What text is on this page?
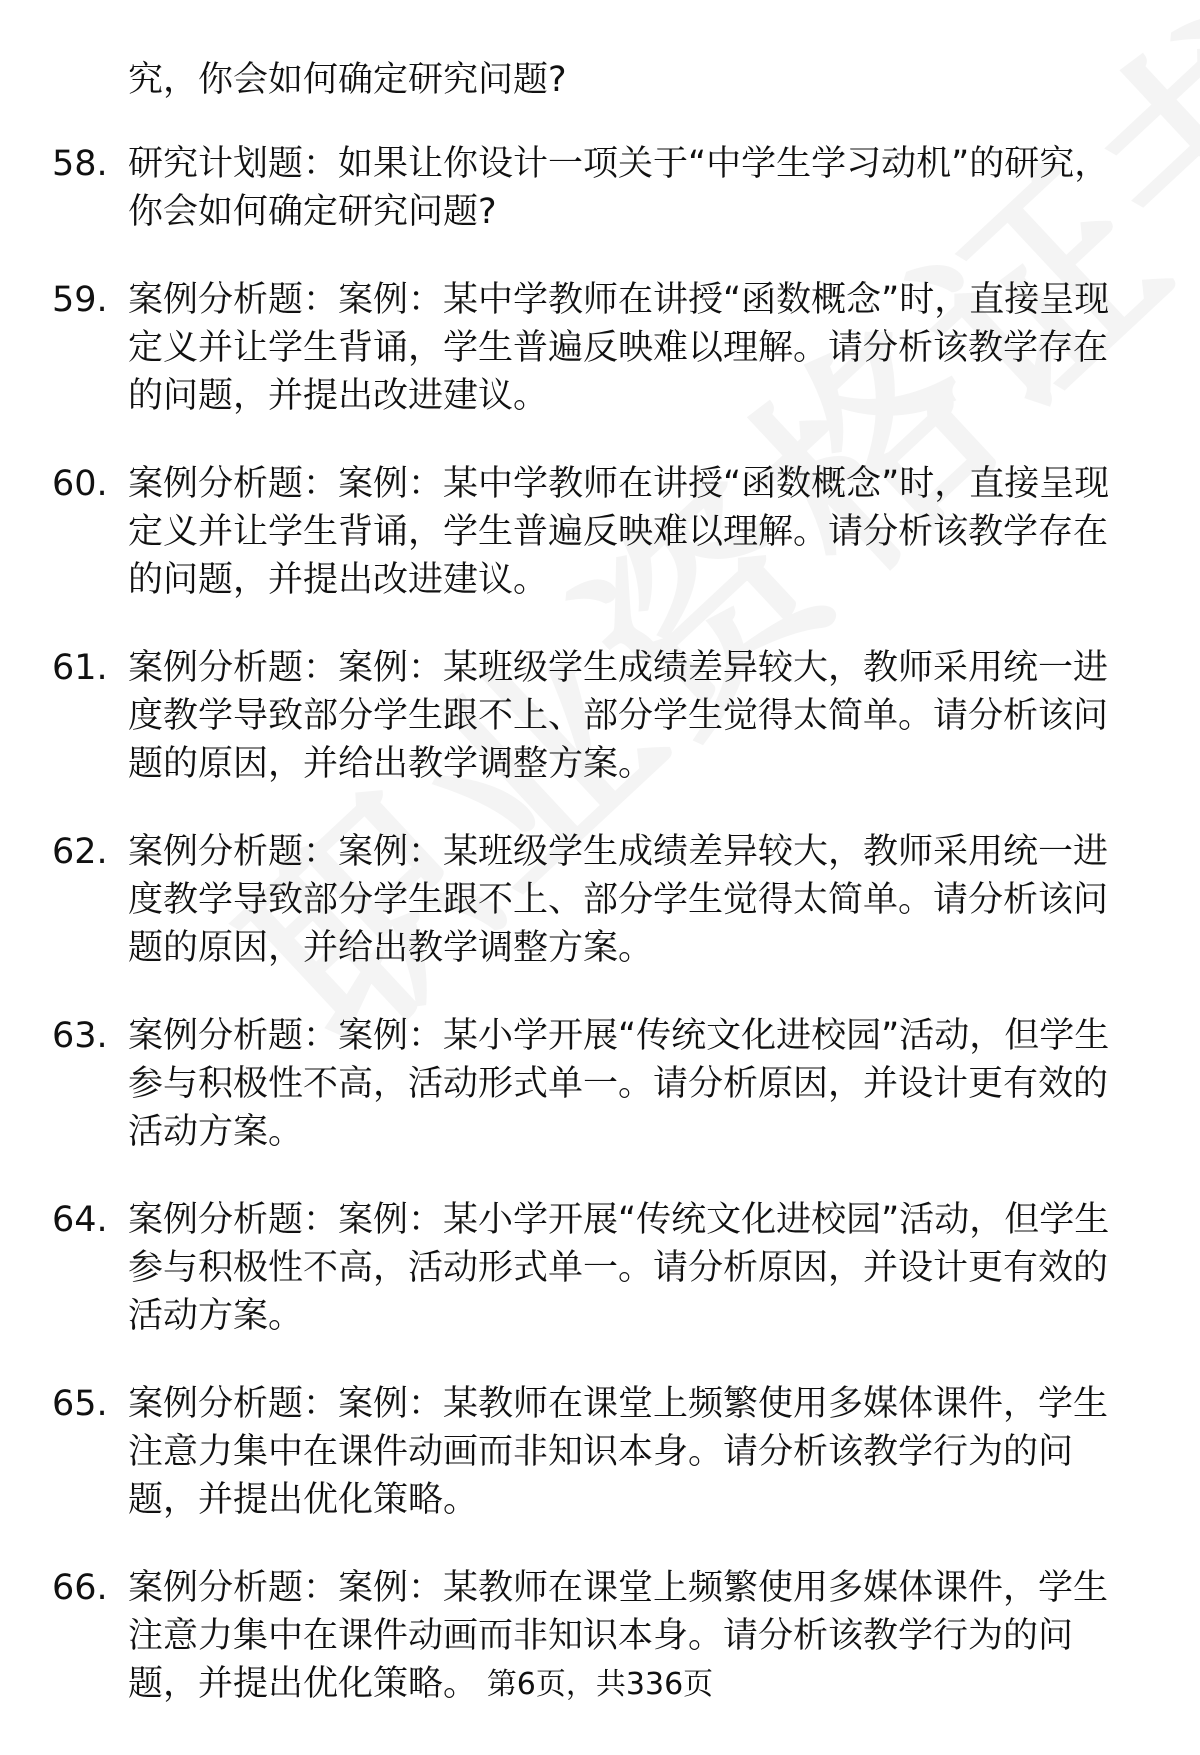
究，你会如何确定研究问题?
58. 研究计划题：如果让你设计一项关于“中学生学习动机”的研究，你会如何确定研究问题?
59. 案例分析题：案例：某中学教师在讲授“函数概念”时，直接呈现定义并让学生背诵，学生普遍反映难以理解。请分析该教学存在的问题，并提出改进建议。
60. 案例分析题：案例：某中学教师在讲授“函数概念”时，直接呈现定义并让学生背诵，学生普遍反映难以理解。请分析该教学存在的问题，并提出改进建议。
61. 案例分析题：案例：某班级学生成绩差异较大，教师采用统一进度教学导致部分学生跟不上、部分学生觉得太简单。请分析该问题的原因，并给出教学调整方案。
62. 案例分析题：案例：某班级学生成绩差异较大，教师采用统一进度教学导致部分学生跟不上、部分学生觉得太简单。请分析该问题的原因，并给出教学调整方案。
63. 案例分析题：案例：某小学开展“传统文化进校园”活动，但学生参与积极性不高，活动形式单一。请分析原因，并设计更有效的活动方案。
64. 案例分析题：案例：某小学开展“传统文化进校园”活动，但学生参与积极性不高，活动形式单一。请分析原因，并设计更有效的活动方案。
65. 案例分析题：案例：某教师在课堂上频繁使用多媒体课件，学生注意力集中在课件动画而非知识本身。请分析该教学行为的问题，并提出优化策略。
66. 案例分析题：案例：某教师在课堂上频繁使用多媒体课件，学生注意力集中在课件动画而非知识本身。请分析该教学行为的问题，并提出优化策略。 第6页，共336页
